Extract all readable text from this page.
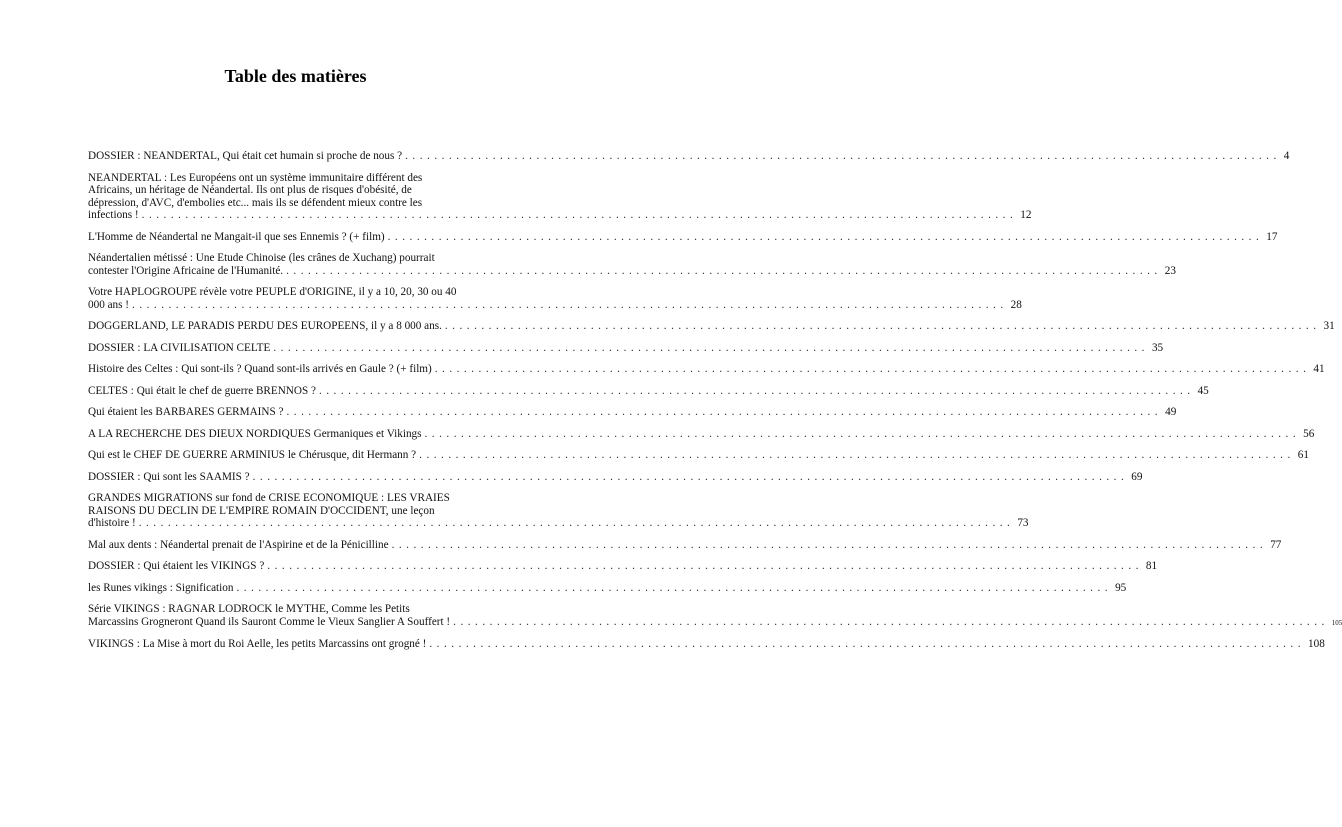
Table des matières
DOSSIER : NEANDERTAL, Qui était cet humain si proche de nous ? ........................................................................................................................ 4
NEANDERTAL : Les Européens ont un système immunitaire différent des
Africains, un héritage de Néandertal. Ils ont plus de risques d'obésité, de
dépression, d'AVC, d'embolies etc... mais ils se défendent mieux contre les
infections ! ........................................................................................................................ 12
L'Homme de Néandertal ne Mangait-il que ses Ennemis ? (+ film) ........................................................................................................................ 17
Néandertalien métissé : Une Etude Chinoise (les crânes de Xuchang) pourrait
contester l'Origine Africaine de l'Humanité. ........................................................................................................................ 23
Votre HAPLOGROUPE révèle votre PEUPLE d'ORIGINE, il y a 10, 20, 30 ou 40
000 ans ! ........................................................................................................................ 28
DOGGERLAND, LE PARADIS PERDU DES EUROPEENS, il y a 8 000 ans. ........................................................................................................................ 31
DOSSIER : LA CIVILISATION CELTE ........................................................................................................................ 35
Histoire des Celtes : Qui sont-ils ? Quand sont-ils arrivés en Gaule ? (+ film) ........................................................................................................................ 41
CELTES : Qui était le chef de guerre BRENNOS ? ........................................................................................................................ 45
Qui étaient les BARBARES GERMAINS ? ........................................................................................................................ 49
A LA RECHERCHE DES DIEUX NORDIQUES Germaniques et Vikings ........................................................................................................................ 56
Qui est le CHEF DE GUERRE ARMINIUS le Chérusque, dit Hermann ? ........................................................................................................................ 61
DOSSIER : Qui sont les SAAMIS ? ........................................................................................................................ 69
GRANDES MIGRATIONS sur fond de CRISE ECONOMIQUE : LES VRAIES
RAISONS DU DECLIN DE L'EMPIRE ROMAIN D'OCCIDENT, une leçon
d'histoire ! ........................................................................................................................ 73
Mal aux dents : Néandertal prenait de l'Aspirine et de la Pénicilline ........................................................................................................................ 77
DOSSIER : Qui étaient les VIKINGS ? ........................................................................................................................ 81
les Runes vikings : Signification ........................................................................................................................ 95
Série VIKINGS : RAGNAR LODROCK le MYTHE, Comme les Petits
Marcassins Grogneront Quand ils Sauront Comme le Vieux Sanglier A Souffert ! ........................................................................................................................ 105
VIKINGS : La Mise à mort du Roi Aelle, les petits Marcassins ont grogné ! ........................................................................................................................ 108
